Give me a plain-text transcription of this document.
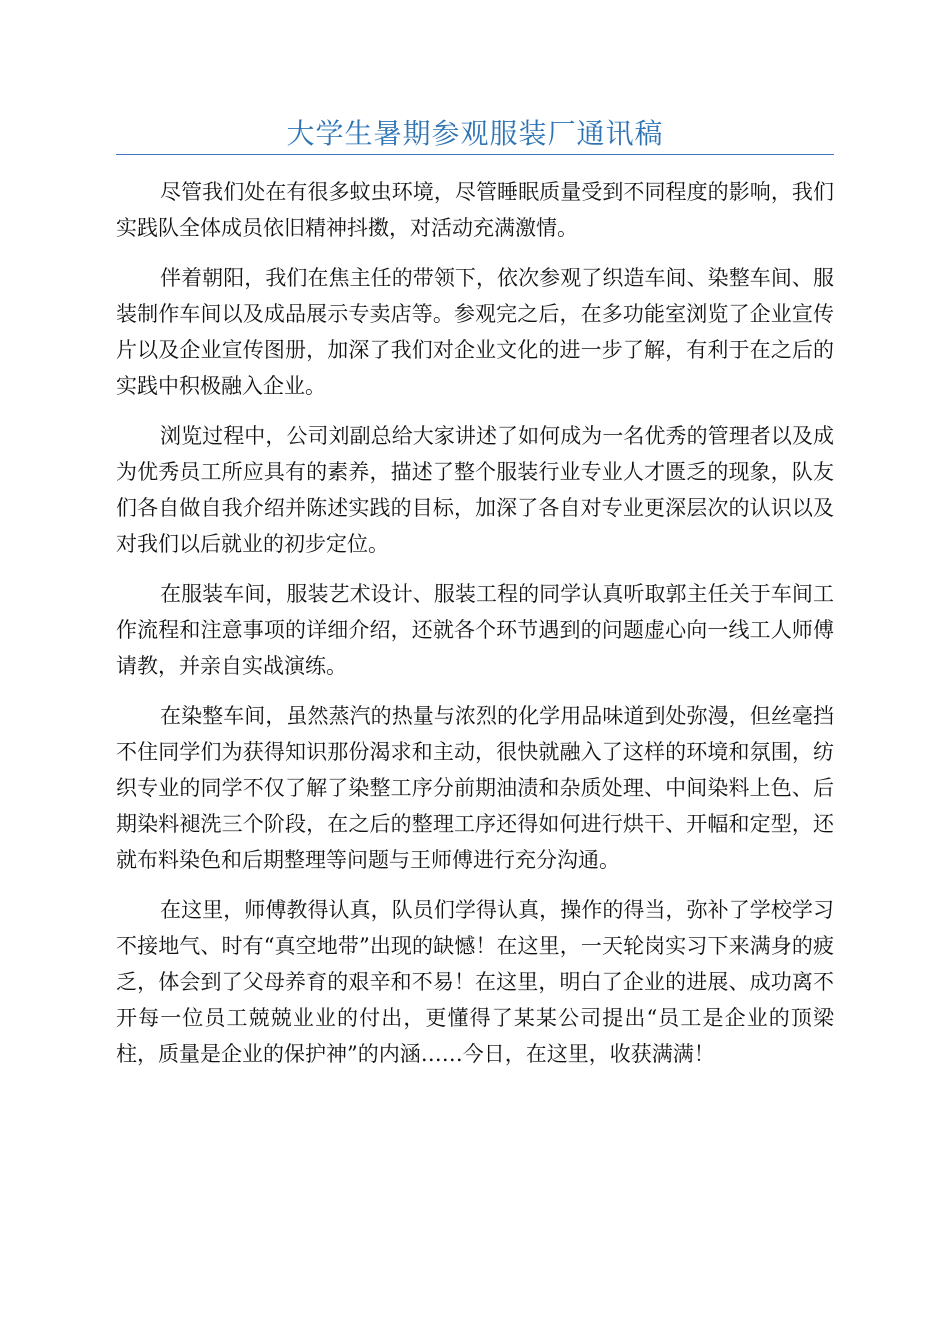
大学生暑期参观服装厂通讯稿

尽管我们处在有很多蚊虫环境，尽管睡眠质量受到不同程度的影响，我们实践队全体成员依旧精神抖擞，对活动充满激情。

伴着朝阳，我们在焦主任的带领下，依次参观了织造车间、染整车间、服装制作车间以及成品展示专卖店等。参观完之后，在多功能室浏览了企业宣传片以及企业宣传图册，加深了我们对企业文化的进一步了解，有利于在之后的实践中积极融入企业。

浏览过程中，公司刘副总给大家讲述了如何成为一名优秀的管理者以及成为优秀员工所应具有的素养，描述了整个服装行业专业人才匮乏的现象，队友们各自做自我介绍并陈述实践的目标，加深了各自对专业更深层次的认识以及对我们以后就业的初步定位。

在服装车间，服装艺术设计、服装工程的同学认真听取郭主任关于车间工作流程和注意事项的详细介绍，还就各个环节遇到的问题虚心向一线工人师傅请教，并亲自实战演练。

在染整车间，虽然蒸汽的热量与浓烈的化学用品味道到处弥漫，但丝毫挡不住同学们为获得知识那份渴求和主动，很快就融入了这样的环境和氛围，纺织专业的同学不仅了解了染整工序分前期油渍和杂质处理、中间染料上色、后期染料褪洗三个阶段，在之后的整理工序还得如何进行烘干、开幅和定型，还就布料染色和后期整理等问题与王师傅进行充分沟通。

在这里，师傅教得认真，队员们学得认真，操作的得当，弥补了学校学习不接地气、时有“真空地带”出现的缺憾！在这里，一天轮岗实习下来满身的疲乏，体会到了父母养育的艰辛和不易！在这里，明白了企业的进展、成功离不开每一位员工兢兢业业的付出，更懂得了某某公司提出“员工是企业的顶梁柱，质量是企业的保护神”的内涵……今日，在这里，收获满满！
